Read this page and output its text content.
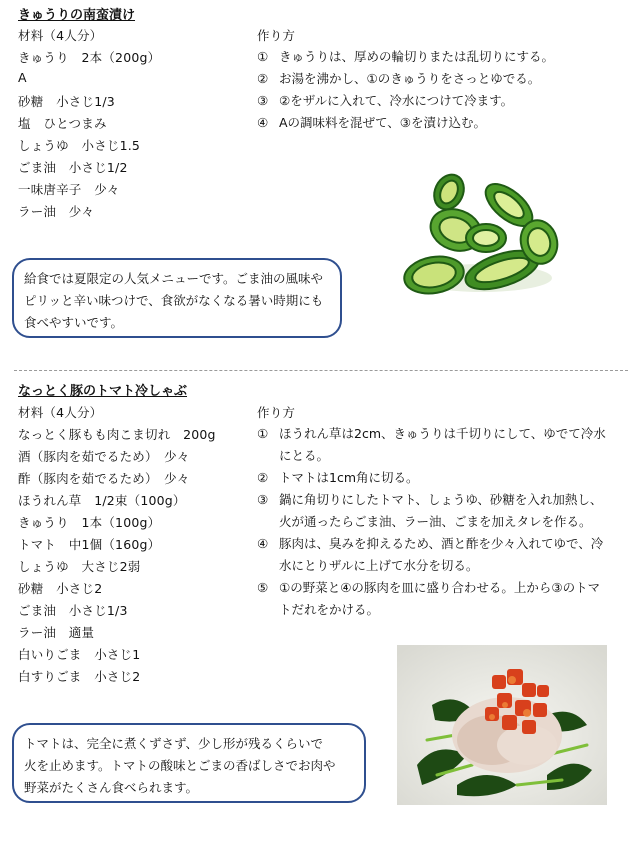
きゅうりの南蛮漬け
材料（4人分）
きゅうり　2本（200g）
A
砂糖　小さじ1/3
塩　ひとつまみ
しょうゆ　小さじ1.5
ごま油　小さじ1/2
一味唐辛子　少々
ラー油　少々
作り方
① きゅうりは、厚めの輪切りまたは乱切りにする。
② お湯を沸かし、①のきゅうりをさっとゆでる。
③ ②をザルに入れて、冷水につけて冷ます。
④ Aの調味料を混ぜて、③を漬け込む。
給食では夏限定の人気メニューです。ごま油の風味や
ピリッと辛い味つけで、食欲がなくなる暑い時期にも
食べやすいです。
なっとく豚のトマト冷しゃぶ
材料（4人分）
なっとく豚もも肉こま切れ　200g
酒（豚肉を茹でるため）　少々
酢（豚肉を茹でるため）　少々
ほうれん草　1/2束（100g）
きゅうり　1本（100g）
トマト　中1個（160g）
しょうゆ　大さじ2弱
砂糖　小さじ2
ごま油　小さじ1/3
ラー油　適量
白いりごま　小さじ1
白すりごま　小さじ2
作り方
① ほうれん草は2cm、きゅうりは千切りにして、ゆでて冷水
にとる。
② トマトは1cm角に切る。
③ 鍋に角切りにしたトマト、しょうゆ、砂糖を入れ加熱し、
火が通ったらごま油、ラー油、ごまを加えタレを作る。
④ 豚肉は、臭みを抑えるため、酒と酢を少々入れてゆで、冷
水にとりザルに上げて水分を切る。
⑤ ①の野菜と④の豚肉を皿に盛り合わせる。上から③のトマ
トだれをかける。
トマトは、完全に煮くずさず、少し形が残るくらいで
火を止めます。トマトの酸味とごまの香ばしさでお肉や
野菜がたくさん食べられます。
